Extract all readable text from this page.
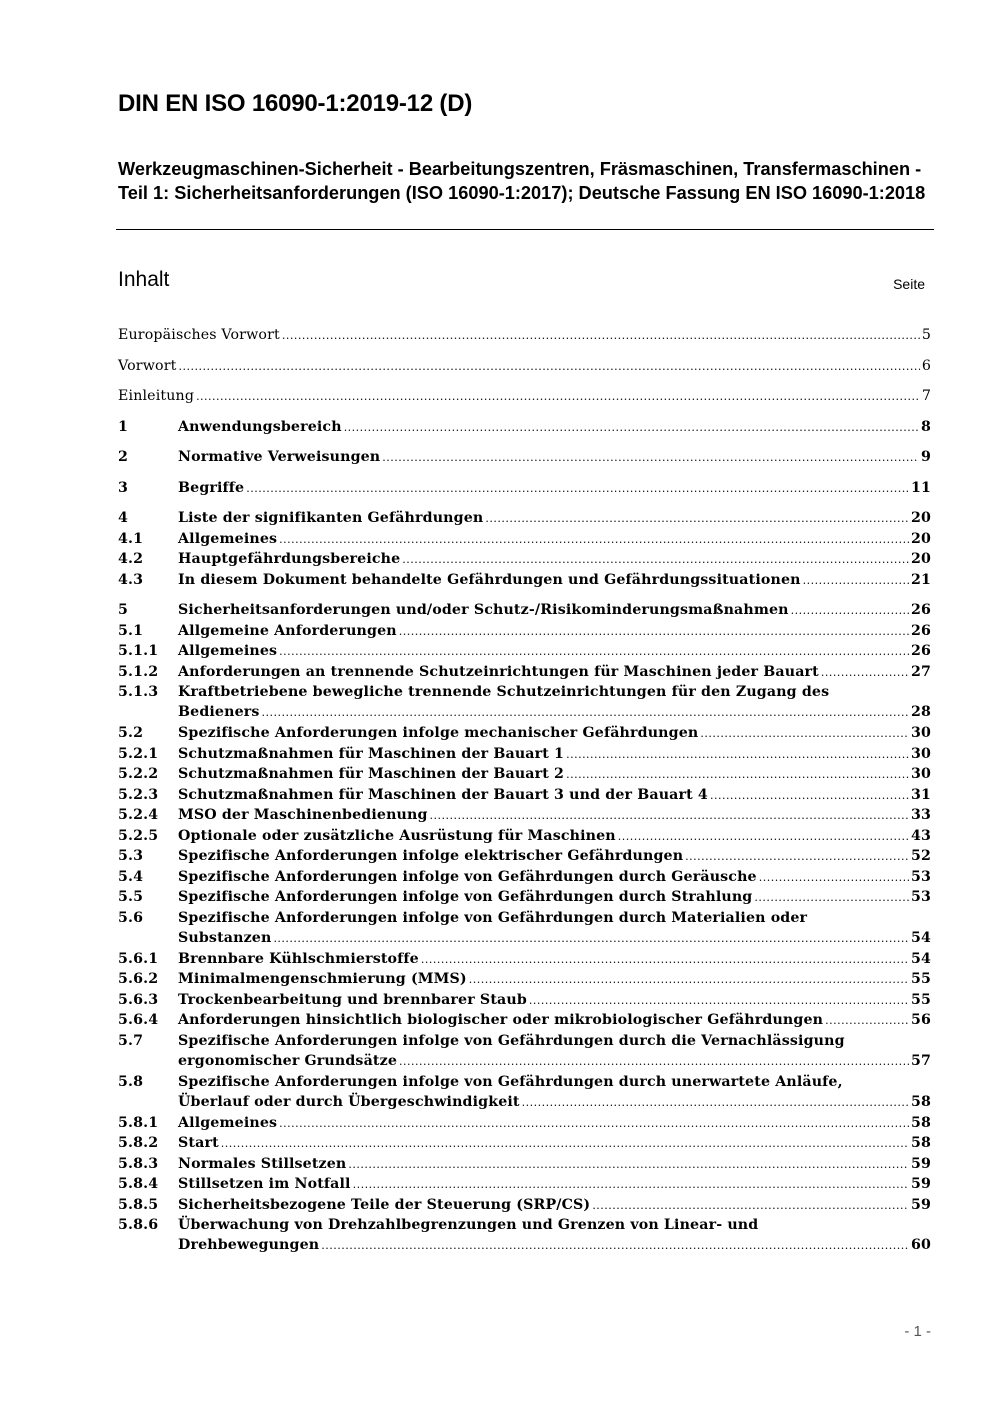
DIN EN ISO 16090-1:2019-12 (D)
Werkzeugmaschinen-Sicherheit - Bearbeitungszentren, Fräsmaschinen, Transfermaschinen - Teil 1: Sicherheitsanforderungen (ISO 16090-1:2017); Deutsche Fassung EN ISO 16090-1:2018
Inhalt	Seite
Europäisches Vorwort .....	5
Vorwort .....	6
Einleitung .....	7
1	Anwendungsbereich .....	8
2	Normative Verweisungen .....	9
3	Begriffe .....	11
4	Liste der signifikanten Gefährdungen .....	20
4.1 Allgemeines .....	20
4.2 Hauptgefährdungsbereiche .....	20
4.3 In diesem Dokument behandelte Gefährdungen und Gefährdungssituationen .....	21
5	Sicherheitsanforderungen und/oder Schutz-/Risikominderungsmaßnahmen .....	26
5.1 Allgemeine Anforderungen .....	26
5.1.1 Allgemeines .....	26
5.1.2 Anforderungen an trennende Schutzeinrichtungen für Maschinen jeder Bauart .....	27
5.1.3 Kraftbetriebene bewegliche trennende Schutzeinrichtungen für den Zugang des
Bedieners .....	28
5.2 Spezifische Anforderungen infolge mechanischer Gefährdungen .....	30
5.2.1 Schutzmaßnahmen für Maschinen der Bauart 1 .....	30
5.2.2 Schutzmaßnahmen für Maschinen der Bauart 2 .....	30
5.2.3 Schutzmaßnahmen für Maschinen der Bauart 3 und der Bauart 4 .....	31
5.2.4 MSO der Maschinenbedienung .....	33
5.2.5 Optionale oder zusätzliche Ausrüstung für Maschinen .....	43
5.3 Spezifische Anforderungen infolge elektrischer Gefährdungen .....	52
5.4 Spezifische Anforderungen infolge von Gefährdungen durch Geräusche .....	53
5.5 Spezifische Anforderungen infolge von Gefährdungen durch Strahlung .....	53
5.6 Spezifische Anforderungen infolge von Gefährdungen durch Materialien oder
Substanzen .....	54
5.6.1 Brennbare Kühlschmierstoffe .....	54
5.6.2 Minimalmengenschmierung (MMS) .....	55
5.6.3 Trockenbearbeitung und brennbarer Staub .....	55
5.6.4 Anforderungen hinsichtlich biologischer oder mikrobiologischer Gefährdungen .....	56
5.7 Spezifische Anforderungen infolge von Gefährdungen durch die Vernachlässigung
ergonomischer Grundsätze .....	57
5.8 Spezifische Anforderungen infolge von Gefährdungen durch unerwartete Anläufe,
Überlauf oder durch Übergeschwindigkeit .....	58
5.8.1 Allgemeines .....	58
5.8.2 Start .....	58
5.8.3 Normales Stillsetzen .....	59
5.8.4 Stillsetzen im Notfall .....	59
5.8.5 Sicherheitsbezogene Teile der Steuerung (SRP/CS) .....	59
5.8.6 Überwachung von Drehzahlbegrenzungen und Grenzen von Linear- und
Drehbewegungen .....	60
- 1 -
